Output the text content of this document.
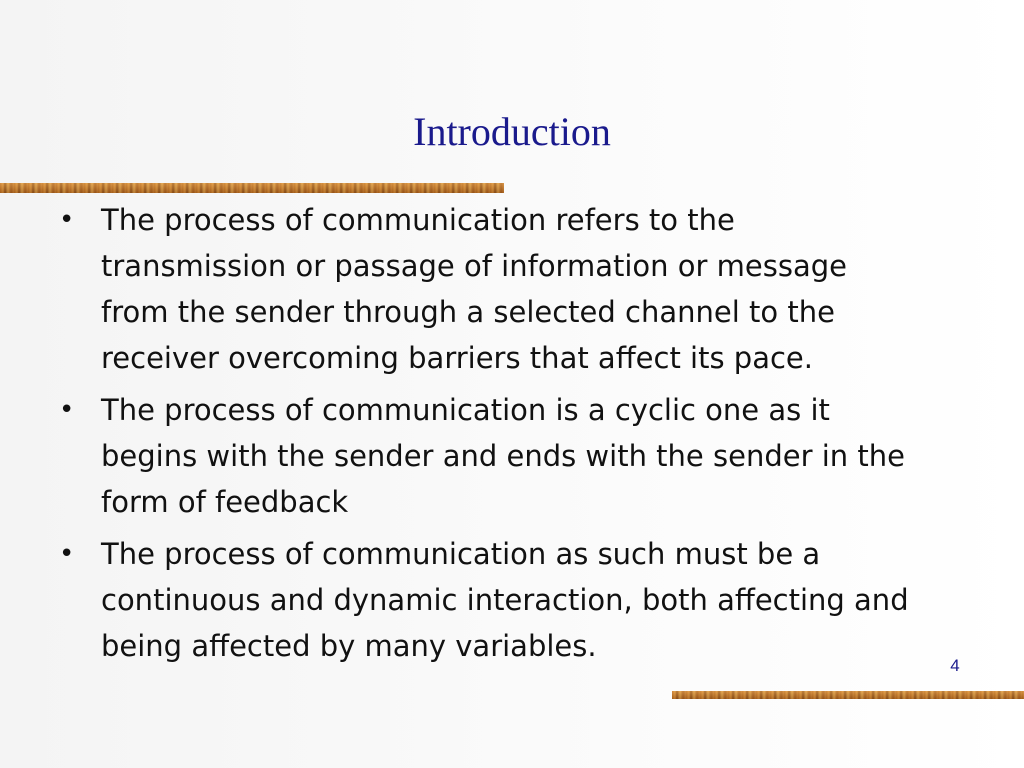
Introduction
• The process of communication refers to the transmission or passage of information or message from the sender through a selected channel to the receiver overcoming barriers that affect its pace.
• The process of communication is a cyclic one as it begins with the sender and ends with the sender in the form of feedback
• The process of communication as such must be a continuous and dynamic interaction, both affecting and being affected by many variables.
4
